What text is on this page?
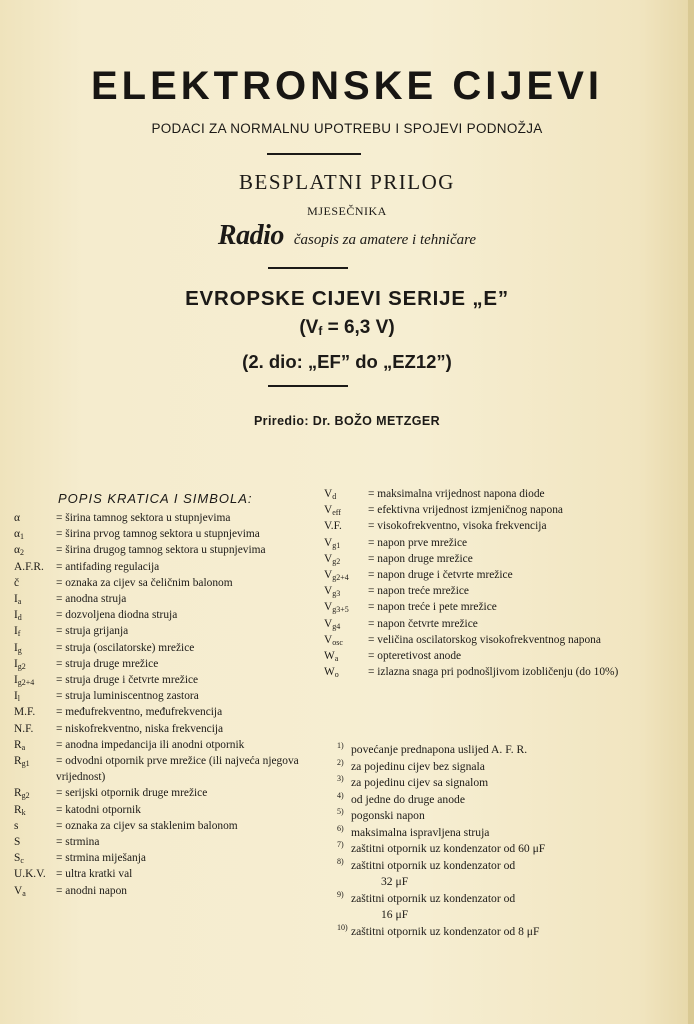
ELEKTRONSKE CIJEVI
PODACI ZA NORMALNU UPOTREBU I SPOJEVI PODNOŽJA
BESPLATNI PRILOG
MJESEČNIKA
Radio časopis za amatere i tehničare
EVROPSKE CIJEVI SERIJE „E”
(Vf = 6,3 V)
(2. dio: „EF” do „EZ12”)
Priredio: Dr. BOŽO METZGER
POPIS KRATICA I SIMBOLA:
α	= širina tamnog sektora u stupnjevima
$\alpha_1$	= širina prvog tamnog sektora u stupnjevima
$\alpha_2$	= širina drugog tamnog sektora u stupnjevima
A.F.R. = antifading regulacija
č	= oznaka za cijev sa čeličnim balonom
$I_a$	= anodna struja
$I_d$	= dozvoljena diodna struja
$I_f$	= struja grijanja
$I_g$	= struja (oscilatorske) mrežice
$I_{g2}$	= struja druge mrežice
$I_{g2+4}$ = struja druge i četvrte mrežice
$I_l$	= struja luminiscentnog zastora
M.F. = međufrekventno, međufrekvencija
N.F. = niskofrekventno, niska frekvencija
$R_a$	= anodna impedancija ili anodni otpornik
$R_{g1}$ = odvodni otpornik prve mrežice (ili najveća njegova vrijednost)
$R_{g2}$ = serijski otpornik druge mrežice
$R_k$	= katodni otpornik
s	= oznaka za cijev sa staklenim balonom
S	= strmina
$S_c$	= strmina miješanja
U.K.V. = ultra kratki val
$V_a$	= anodni napon
$V_d$	= maksimalna vrijednost napona diode
$V_{eff}$ = efektivna vrijednost izmjeničnog napona
V.F. = visokofrekventno, visoka frekvencija
$V_{g1}$ = napon prve mrežice
$V_{g2}$ = napon druge mrežice
$V_{g2+4}$ = napon druge i četvrte mrežice
$V_{g3}$ = napon treće mrežice
$V_{g3+5}$ = napon treće i pete mrežice
$V_{g4}$ = napon četvrte mrežice
$V_{osc}$ = veličina oscilatorskog visokofrekventnog napona
$W_a$	= opteretivost anode
$W_o$	= izlazna snaga pri podnošljivom izobličenju (do 10%)
1) povećanje prednapona uslijed A. F. R.
2) za pojedinu cijev bez signala
3) za pojedinu cijev sa signalom
4) od jedne do druge anode
5) pogonski napon
6) maksimalna ispravljena struja
7) zaštitni otpornik uz kondenzator od 60 μF
8) zaštitni otpornik uz kondenzator od
32 μF
9) zaštitni otpornik uz kondenzator od
16 μF
10) zaštitni otpornik uz kondenzator od 8 μF
